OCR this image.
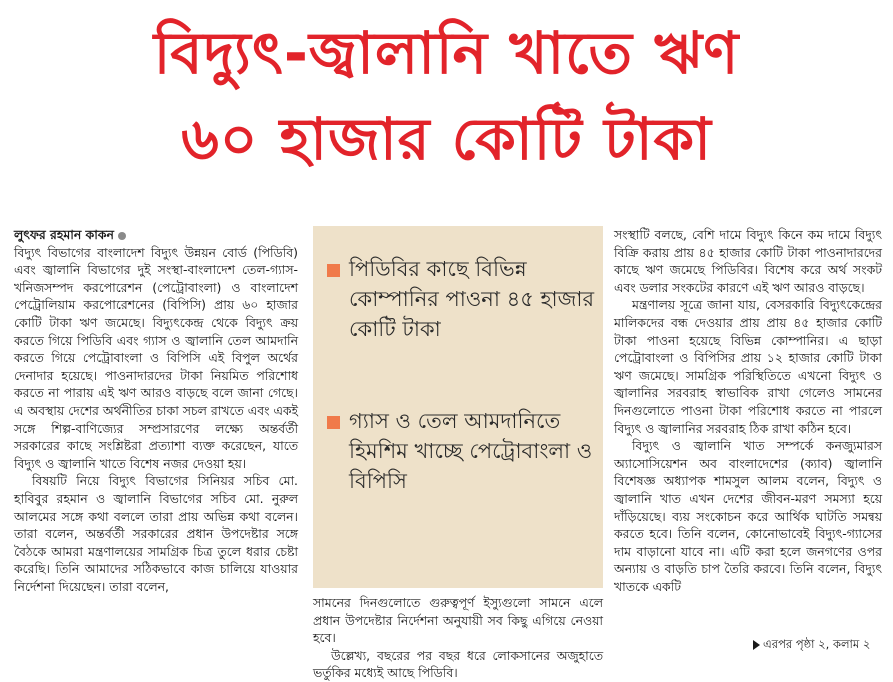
বিদ্যুৎ-জ্বালানি খাতে ঋণ
৬০ হাজার কোটি টাকা
লুৎফর রহমান কাকন

বিদ্যুৎ বিভাগের বাংলাদেশ বিদ্যুৎ উন্নয়ন বোর্ড (পিডিবি) এবং জ্বালানি বিভাগের দুই সংস্থা-বাংলাদেশ তেল-গ্যাস-খনিজসম্পদ করপোরেশন (পেট্রোবাংলা) ও বাংলাদেশ পেট্রোলিয়াম করপোরেশনের (বিপিসি) প্রায় ৬০ হাজার কোটি টাকা ঋণ জমেছে। বিদ্যুৎকেন্দ্র থেকে বিদ্যুৎ ক্রয় করতে গিয়ে পিডিবি এবং গ্যাস ও জ্বালানি তেল আমদানি করতে গিয়ে পেট্রোবাংলা ও বিপিসি এই বিপুল অর্থের দেনাদার হয়েছে। পাওনাদারদের টাকা নিয়মিত পরিশোধ করতে না পারায় এই ঋণ আরও বাড়ছে বলে জানা গেছে। এ অবস্থায় দেশের অর্থনীতির চাকা সচল রাখতে এবং একই সঙ্গে শিল্প-বাণিজ্যের সম্প্রসারণের লক্ষ্যে অন্তর্বর্তী সরকারের কাছে সংশ্লিষ্টরা প্রত্যাশা ব্যক্ত করেছেন, যাতে বিদ্যুৎ ও জ্বালানি খাতে বিশেষ নজর দেওয়া হয়।

বিষয়টি নিয়ে বিদ্যুৎ বিভাগের সিনিয়র সচিব মো. হাবিবুর রহমান ও জ্বালানি বিভাগের সচিব মো. নুরুল আলমের সঙ্গে কথা বললে তারা প্রায় অভিন্ন কথা বলেন। তারা বলেন, অন্তর্বর্তী সরকারের প্রধান উপদেষ্টার সঙ্গে বৈঠকে আমরা মন্ত্রণালয়ের সামগ্রিক চিত্র তুলে ধরার চেষ্টা করেছি। তিনি আমাদের সঠিকভাবে কাজ চালিয়ে যাওয়ার নির্দেশনা দিয়েছেন। তারা বলেন,

পিডিবির কাছে বিভিন্ন কোম্পানির পাওনা ৪৫ হাজার কোটি টাকা
গ্যাস ও তেল আমদানিতে হিমশিম খাচ্ছে পেট্রোবাংলা ও বিপিসি

সামনের দিনগুলোতে গুরুত্বপূর্ণ ইস্যুগুলো সামনে এলে প্রধান উপদেষ্টার নির্দেশনা অনুযায়ী সব কিছু এগিয়ে নেওয়া হবে।

উল্লেখ্য, বছরের পর বছর ধরে লোকসানের অজুহাতে ভর্তুকির মধ্যেই আছে পিডিবি।

সংস্থাটি বলছে, বেশি দামে বিদ্যুৎ কিনে কম দামে বিদ্যুৎ বিক্রি করায় প্রায় ৪৫ হাজার কোটি টাকা পাওনাদারদের কাছে ঋণ জমেছে পিডিবির। বিশেষ করে অর্থ সংকট এবং ডলার সংকটের কারণে এই ঋণ আরও বাড়ছে।

মন্ত্রণালয় সূত্রে জানা যায়, বেসরকারি বিদ্যুৎকেন্দ্রের মালিকদের বন্ধ দেওয়ার প্রায় প্রায় ৪৫ হাজার কোটি টাকা পাওনা হয়েছে বিভিন্ন কোম্পানির। এ ছাড়া পেট্রোবাংলা ও বিপিসির প্রায় ১২ হাজার কোটি টাকা ঋণ জমেছে। সামগ্রিক পরিস্থিতিতে এখনো বিদ্যুৎ ও জ্বালানির সরবরাহ স্বাভাবিক রাখা গেলেও সামনের দিনগুলোতে পাওনা টাকা পরিশোধ করতে না পারলে বিদ্যুৎ ও জ্বালানির সরবরাহ ঠিক রাখা কঠিন হবে।

বিদ্যুৎ ও জ্বালানি খাত সম্পর্কে কনজ্যুমারস অ্যাসোসিয়েশন অব বাংলাদেশের (ক্যাব) জ্বালানি বিশেষজ্ঞ অধ্যাপক শামসুল আলম বলেন, বিদ্যুৎ ও জ্বালানি খাত এখন দেশের জীবন-মরণ সমস্যা হয়ে দাঁড়িয়েছে। ব্যয় সংকোচন করে আর্থিক ঘাটতি সমন্বয় করতে হবে। তিনি বলেন, কোনোভাবেই বিদ্যুৎ-গ্যাসের দাম বাড়ানো যাবে না। এটি করা হলে জনগণের ওপর অন্যায় ও বাড়তি চাপ তৈরি করবে। তিনি বলেন, বিদ্যুৎ খাতকে একটি

এরপর পৃষ্ঠা ২, কলাম ২
